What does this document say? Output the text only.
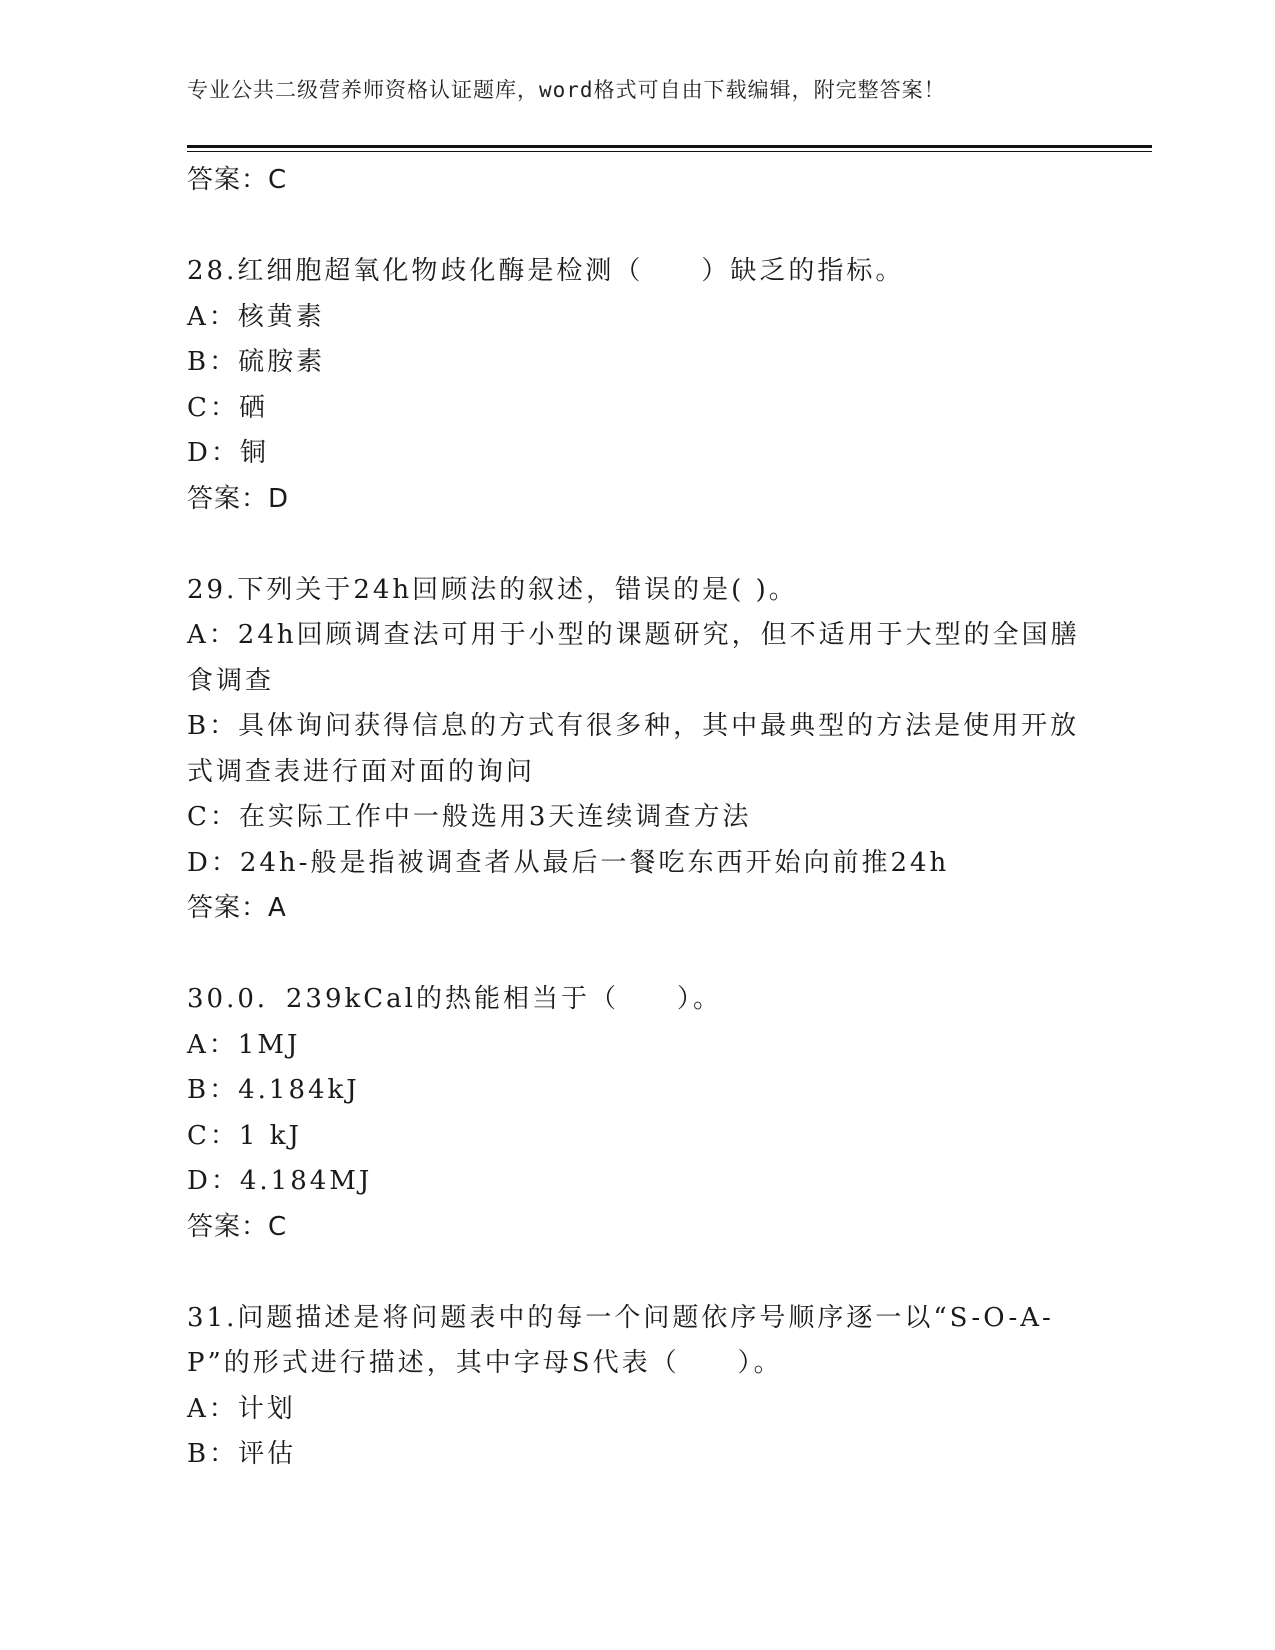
专业公共二级营养师资格认证题库，word格式可自由下载编辑，附完整答案！
答案：C
28.红细胞超氧化物歧化酶是检测（　　）缺乏的指标。
A：核黄素
B：硫胺素
C：硒
D：铜
答案：D
29.下列关于24h回顾法的叙述，错误的是( )。
A：24h回顾调查法可用于小型的课题研究，但不适用于大型的全国膳
食调查
B：具体询问获得信息的方式有很多种，其中最典型的方法是使用开放
式调查表进行面对面的询问
C：在实际工作中一般选用3天连续调查方法
D：24h-般是指被调查者从最后一餐吃东西开始向前推24h
答案：A
30.0．239kCal的热能相当于（　　）。
A：1MJ
B：4.184kJ
C：1 kJ
D：4.184MJ
答案：C
31.问题描述是将问题表中的每一个问题依序号顺序逐一以“S-O-A-
P”的形式进行描述，其中字母S代表（　　）。
A：计划
B：评估
